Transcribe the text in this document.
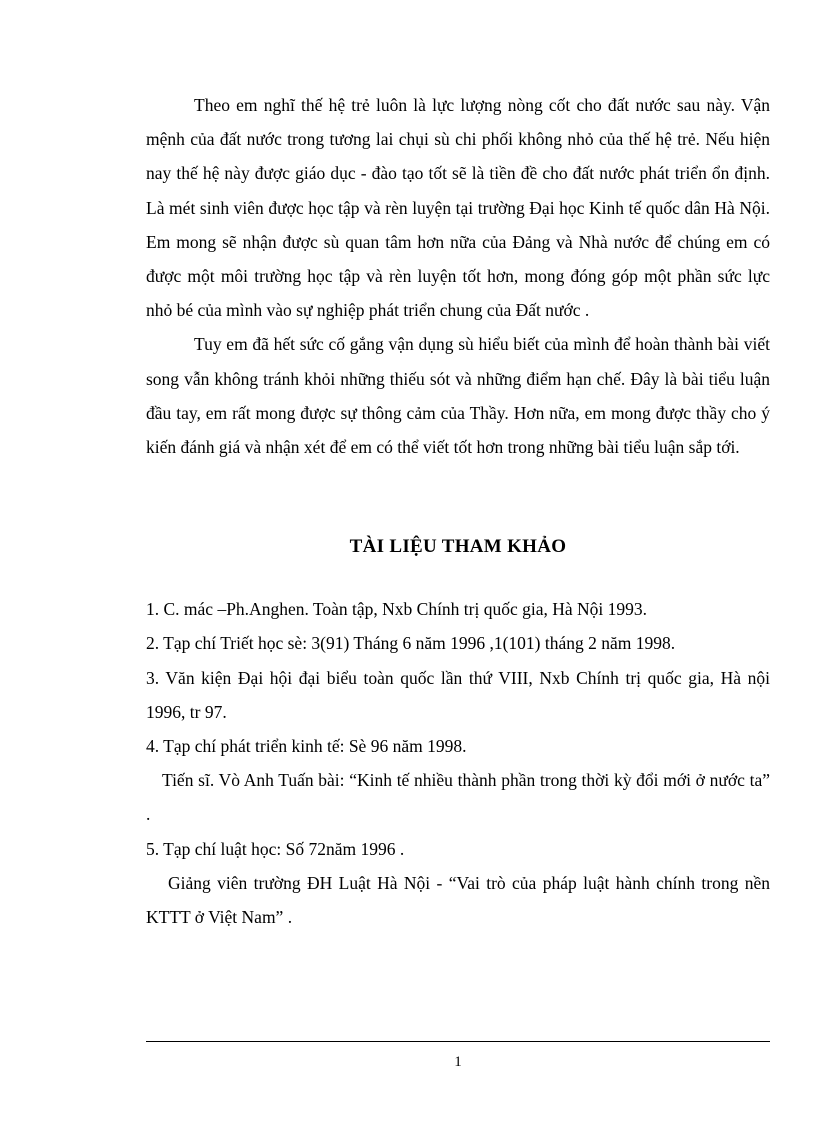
Theo em nghĩ thế hệ trẻ luôn là lực lượng nòng cốt cho đất nước sau này. Vận mệnh của đất nước trong tương lai chụi sù chi phối không nhỏ của thế hệ trẻ. Nếu hiện nay thế hệ này được giáo dục - đào tạo tốt sẽ là tiền đề cho đất nước phát triển ổn định. Là mét sinh viên được học tập và rèn luyện tại trường Đại học Kinh tế quốc dân Hà Nội. Em mong sẽ nhận được sù quan tâm hơn nữa của Đảng và Nhà nước để chúng em có được một môi trường học tập và rèn luyện tốt hơn, mong đóng góp một phần sức lực nhỏ bé của mình vào sự nghiệp phát triển chung của Đất nước .

Tuy em đã hết sức cố gắng vận dụng sù hiểu biết của mình để hoàn thành bài viết song vẫn không tránh khỏi những thiếu sót và những điểm hạn chế. Đây là bài tiểu luận đầu tay, em rất mong được sự thông cảm của Thầy. Hơn nữa, em mong được thầy cho ý kiến đánh giá và nhận xét để em có thể viết tốt hơn trong những bài tiểu luận sắp tới.

TÀI LIỆU THAM KHẢO

1. C. mác –Ph.Anghen. Toàn tập, Nxb Chính trị quốc gia, Hà Nội 1993.

2. Tạp chí Triết học sè: 3(91) Tháng 6 năm 1996 ,1(101) tháng 2 năm 1998.

3. Văn kiện Đại hội đại biểu toàn quốc lần thứ VIII, Nxb Chính trị quốc gia, Hà nội 1996, tr 97.

4. Tạp chí phát triển kinh tế: Sè 96 năm 1998.

Tiến sĩ. Vò Anh Tuấn bài: “Kinh tế nhiều thành phần trong thời kỳ đổi mới ở nước ta” .

5. Tạp chí luật học: Số 72năm 1996 .

Giảng viên trường ĐH Luật Hà Nội - “Vai trò của pháp luật hành chính trong nền KTTT ở Việt Nam” .

1
